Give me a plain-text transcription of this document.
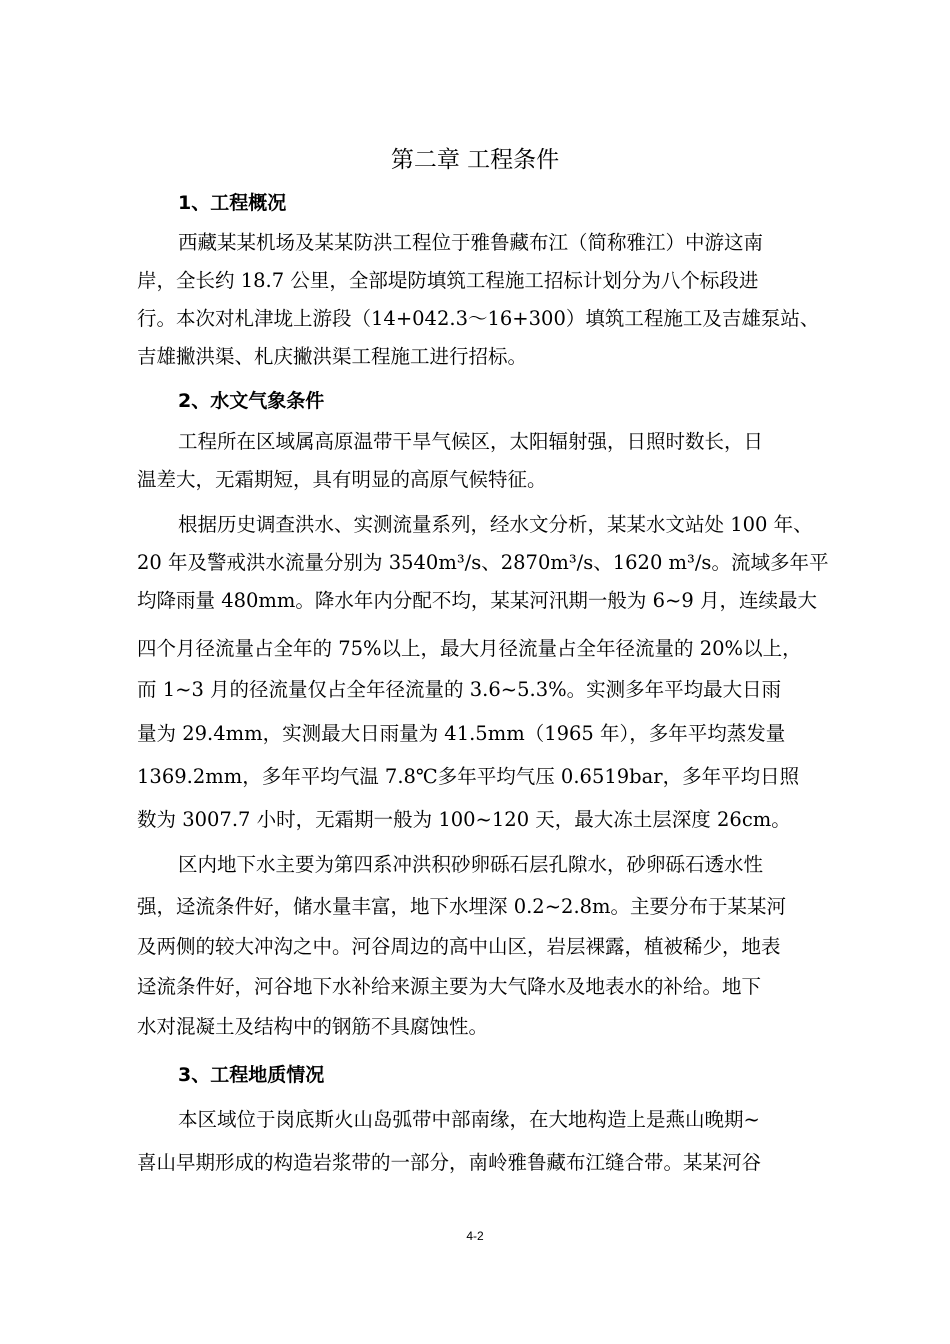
第二章 工程条件
1、工程概况
西藏某某机场及某某防洪工程位于雅鲁藏布江（简称雅江）中游这南
岸，全长约 18.7 公里，全部堤防填筑工程施工招标计划分为八个标段进
行。本次对札津垅上游段（14+042.3～16+300）填筑工程施工及吉雄泵站、
吉雄撇洪渠、札庆撇洪渠工程施工进行招标。
2、水文气象条件
工程所在区域属高原温带干旱气候区，太阳辐射强，日照时数长，日
温差大，无霜期短，具有明显的高原气候特征。
根据历史调查洪水、实测流量系列，经水文分析，某某水文站处 100 年、
20 年及警戒洪水流量分别为 3540m³/s、2870m³/s、1620 m³/s。流域多年平
均降雨量 480mm。降水年内分配不均，某某河汛期一般为 6~9 月，连续最大
四个月径流量占全年的 75%以上，最大月径流量占全年径流量的 20%以上，
而 1~3 月的径流量仅占全年径流量的 3.6~5.3%。实测多年平均最大日雨
量为 29.4mm，实测最大日雨量为 41.5mm（1965 年），多年平均蒸发量
1369.2mm，多年平均气温 7.8℃多年平均气压 0.6519bar，多年平均日照
数为 3007.7 小时，无霜期一般为 100~120 天，最大冻土层深度 26cm。
区内地下水主要为第四系冲洪积砂卵砾石层孔隙水，砂卵砾石透水性
强，迳流条件好，储水量丰富，地下水埋深 0.2~2.8m。主要分布于某某河
及两侧的较大冲沟之中。河谷周边的高中山区，岩层裸露，植被稀少，地表
迳流条件好，河谷地下水补给来源主要为大气降水及地表水的补给。地下
水对混凝土及结构中的钢筋不具腐蚀性。
3、工程地质情况
本区域位于岗底斯火山岛弧带中部南缘，在大地构造上是燕山晚期~
喜山早期形成的构造岩浆带的一部分，南岭雅鲁藏布江缝合带。某某河谷
4-2
